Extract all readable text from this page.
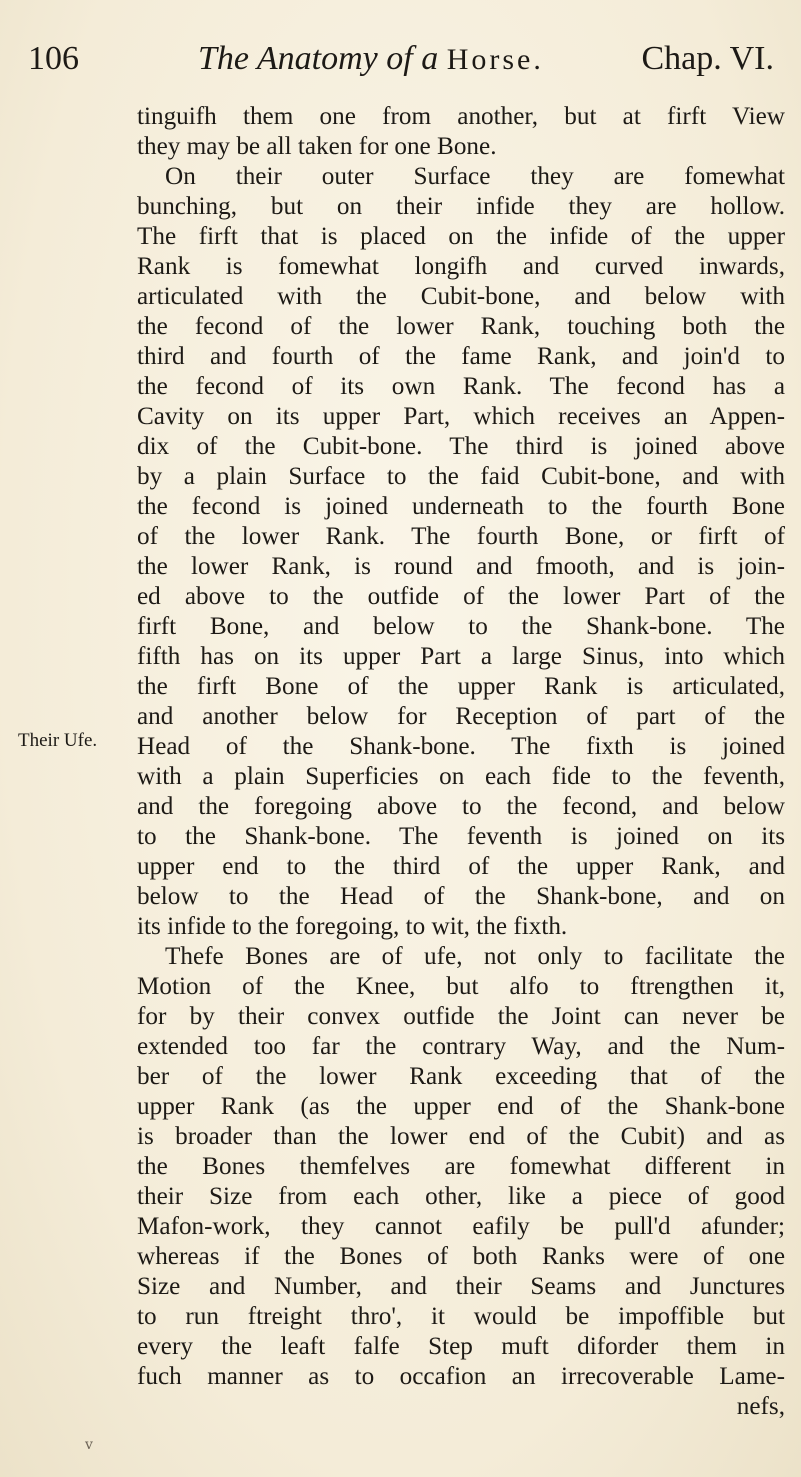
106	The Anatomy of a Horse.	Chap. VI.
Their Ufe.
tinguifh them one from another, but at firft View
they may be all taken for one Bone.
On their outer Surface they are fomewhat
bunching, but on their infide they are hollow.
The firft that is placed on the infide of the upper
Rank is fomewhat longifh and curved inwards,
articulated with the Cubit-bone, and below with
the fecond of the lower Rank, touching both the
third and fourth of the fame Rank, and join'd to
the fecond of its own Rank. The fecond has a
Cavity on its upper Part, which receives an Appen-
dix of the Cubit-bone. The third is joined above
by a plain Surface to the faid Cubit-bone, and with
the fecond is joined underneath to the fourth Bone
of the lower Rank. The fourth Bone, or firft of
the lower Rank, is round and fmooth, and is join-
ed above to the outfide of the lower Part of the
firft Bone, and below to the Shank-bone. The
fifth has on its upper Part a large Sinus, into which
the firft Bone of the upper Rank is articulated,
and another below for Reception of part of the
Head of the Shank-bone. The fixth is joined
with a plain Superficies on each fide to the feventh,
and the foregoing above to the fecond, and below
to the Shank-bone. The feventh is joined on its
upper end to the third of the upper Rank, and
below to the Head of the Shank-bone, and on
its infide to the foregoing, to wit, the fixth.
Thefe Bones are of ufe, not only to facilitate the
Motion of the Knee, but alfo to ftrengthen it,
for by their convex outfide the Joint can never be
extended too far the contrary Way, and the Num-
ber of the lower Rank exceeding that of the
upper Rank (as the upper end of the Shank-bone
is broader than the lower end of the Cubit) and as
the Bones themfelves are fomewhat different in
their Size from each other, like a piece of good
Mafon-work, they cannot eafily be pull'd afunder;
whereas if the Bones of both Ranks were of one
Size and Number, and their Seams and Junctures
to run ftreight thro', it would be impoffible but
every the leaft falfe Step muft diforder them in
fuch manner as to occafion an irrecoverable Lame-
nefs,
v
